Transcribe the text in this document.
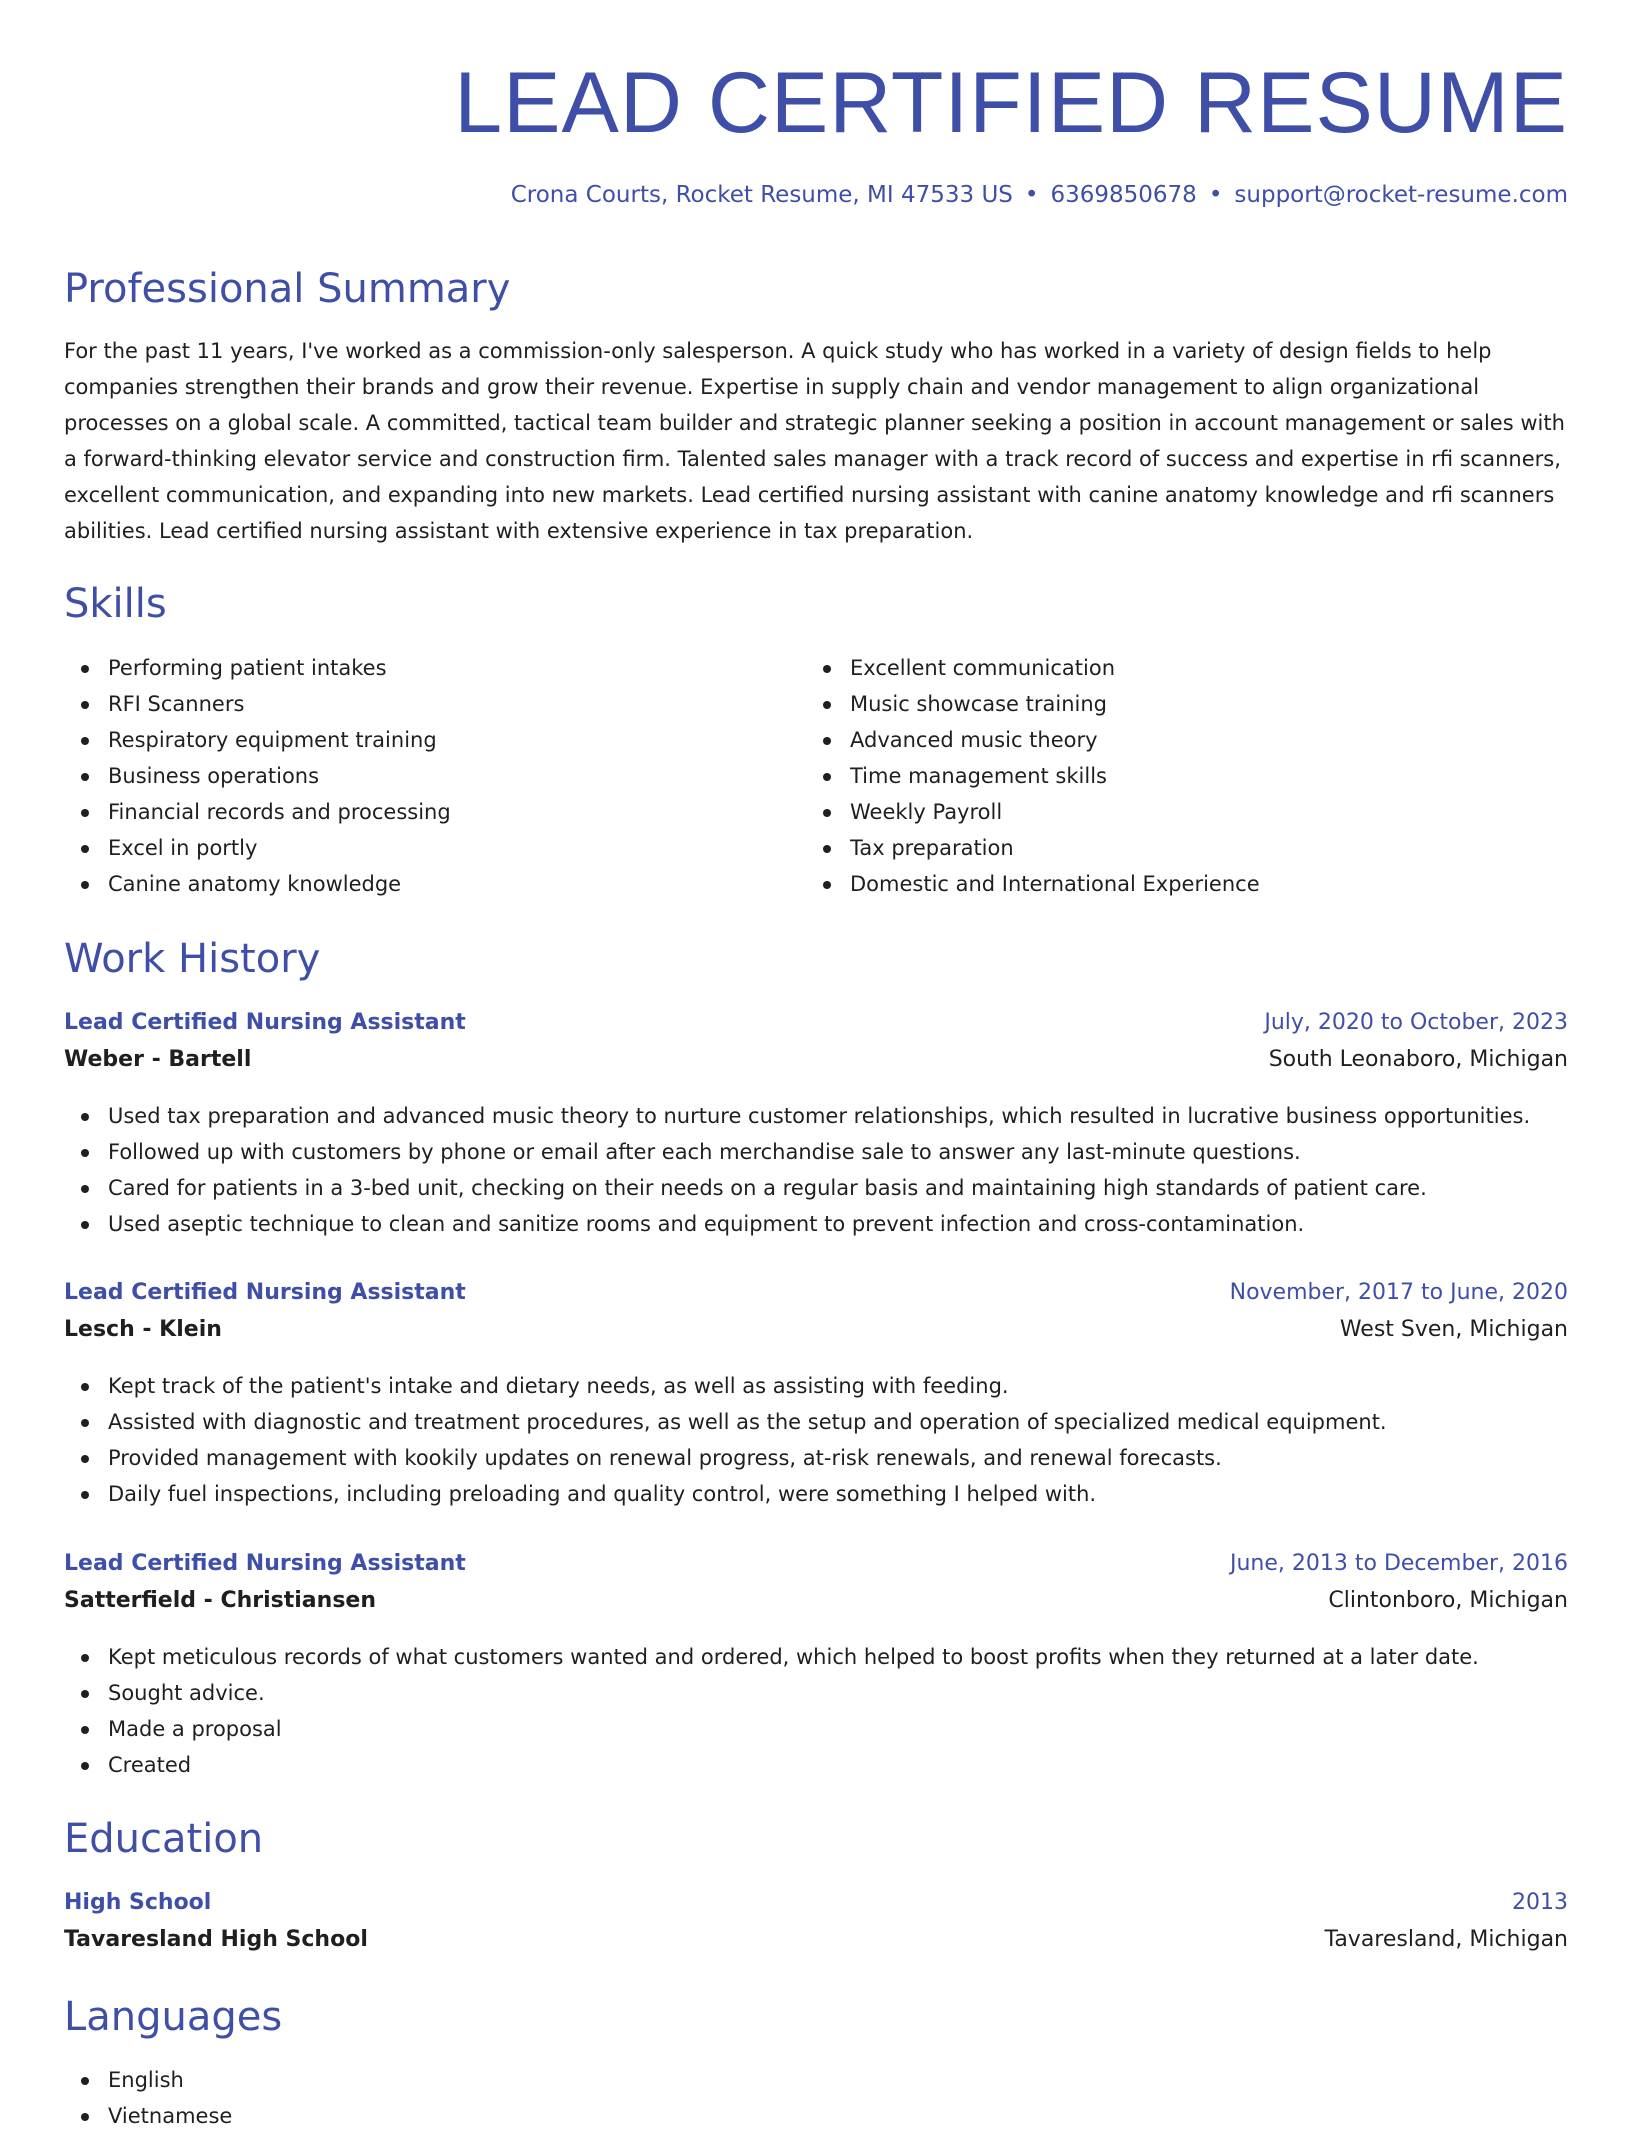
LEAD CERTIFIED RESUME
Crona Courts, Rocket Resume, MI 47533 US • 6369850678 • support@rocket-resume.com
Professional Summary
For the past 11 years, I've worked as a commission-only salesperson. A quick study who has worked in a variety of design fields to help companies strengthen their brands and grow their revenue. Expertise in supply chain and vendor management to align organizational processes on a global scale. A committed, tactical team builder and strategic planner seeking a position in account management or sales with a forward-thinking elevator service and construction firm. Talented sales manager with a track record of success and expertise in rfi scanners, excellent communication, and expanding into new markets. Lead certified nursing assistant with canine anatomy knowledge and rfi scanners abilities. Lead certified nursing assistant with extensive experience in tax preparation.
Skills
Performing patient intakes
RFI Scanners
Respiratory equipment training
Business operations
Financial records and processing
Excel in portly
Canine anatomy knowledge
Excellent communication
Music showcase training
Advanced music theory
Time management skills
Weekly Payroll
Tax preparation
Domestic and International Experience
Work History
Lead Certified Nursing Assistant	July, 2020 to October, 2023
Weber - Bartell	South Leonaboro, Michigan
Used tax preparation and advanced music theory to nurture customer relationships, which resulted in lucrative business opportunities.
Followed up with customers by phone or email after each merchandise sale to answer any last-minute questions.
Cared for patients in a 3-bed unit, checking on their needs on a regular basis and maintaining high standards of patient care.
Used aseptic technique to clean and sanitize rooms and equipment to prevent infection and cross-contamination.
Lead Certified Nursing Assistant	November, 2017 to June, 2020
Lesch - Klein	West Sven, Michigan
Kept track of the patient's intake and dietary needs, as well as assisting with feeding.
Assisted with diagnostic and treatment procedures, as well as the setup and operation of specialized medical equipment.
Provided management with kookily updates on renewal progress, at-risk renewals, and renewal forecasts.
Daily fuel inspections, including preloading and quality control, were something I helped with.
Lead Certified Nursing Assistant	June, 2013 to December, 2016
Satterfield - Christiansen	Clintonboro, Michigan
Kept meticulous records of what customers wanted and ordered, which helped to boost profits when they returned at a later date.
Sought advice.
Made a proposal
Created
Education
High School	2013
Tavaresland High School	Tavaresland, Michigan
Languages
English
Vietnamese
